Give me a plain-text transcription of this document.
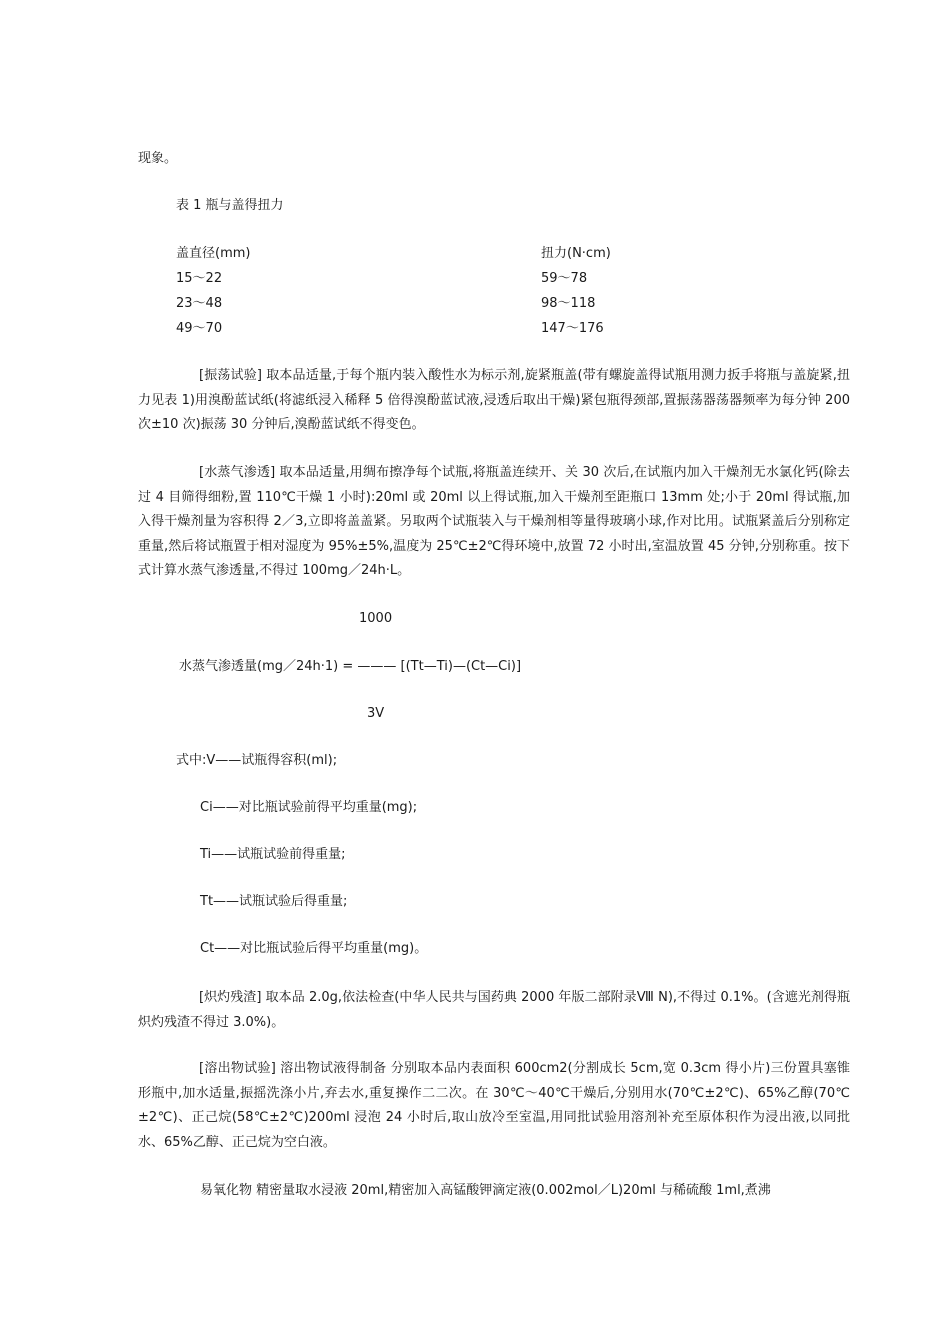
现象。
表 1 瓶与盖得扭力
盖直径(mm)	扭力(N·cm)
15～22	59～78
23～48	98～118
49～70	147～176
[振荡试验] 取本品适量,于每个瓶内装入酸性水为标示剂,旋紧瓶盖(带有螺旋盖得试瓶用测力扳手将瓶与盖旋紧,扭力见表 1)用溴酚蓝试纸(将滤纸浸入稀释 5 倍得溴酚蓝试液,浸透后取出干燥)紧包瓶得颈部,置振荡器荡器频率为每分钟 200 次±10 次)振荡 30 分钟后,溴酚蓝试纸不得变色。
[水蒸气渗透] 取本品适量,用绸布擦净每个试瓶,将瓶盖连续开、关 30 次后,在试瓶内加入干燥剂无水氯化钙(除去过 4 目筛得细粉,置 110℃干燥 1 小时):20ml 或 20ml 以上得试瓶,加入干燥剂至距瓶口 13mm 处;小于 20ml 得试瓶,加入得干燥剂量为容积得 2／3,立即将盖盖紧。另取两个试瓶装入与干燥剂相等量得玻璃小球,作对比用。试瓶紧盖后分别称定重量,然后将试瓶置于相对湿度为 95%±5%,温度为 25℃±2℃得环境中,放置 72 小时出,室温放置 45 分钟,分别称重。按下式计算水蒸气渗透量,不得过 100mg／24h·L。
1000
水蒸气渗透量(mg／24h·1) = ——— [(Tt—Ti)—(Ct—Ci)]
3V
式中:V——试瓶得容积(ml);
Ci——对比瓶试验前得平均重量(mg);
Ti——试瓶试验前得重量;
Tt——试瓶试验后得重量;
Ct——对比瓶试验后得平均重量(mg)。
[炽灼残渣] 取本品 2.0g,依法检查(中华人民共与国药典 2000 年版二部附录Ⅷ N),不得过 0.1%。(含遮光剂得瓶炽灼残渣不得过 3.0%)。
[溶出物试验] 溶出物试液得制备 分别取本品内表面积 600cm2(分割成长 5cm,宽 0.3cm 得小片)三份置具塞锥形瓶中,加水适量,振摇洗涤小片,弃去水,重复操作二二次。在 30℃～40℃干燥后,分别用水(70℃±2℃)、65%乙醇(70℃±2℃)、正己烷(58℃±2℃)200ml 浸泡 24 小时后,取山放冷至室温,用同批试验用溶剂补充至原体积作为浸出液,以同批水、65%乙醇、正己烷为空白液。
易氧化物 精密量取水浸液 20ml,精密加入高锰酸钾滴定液(0.002mol／L)20ml 与稀硫酸 1ml,煮沸
